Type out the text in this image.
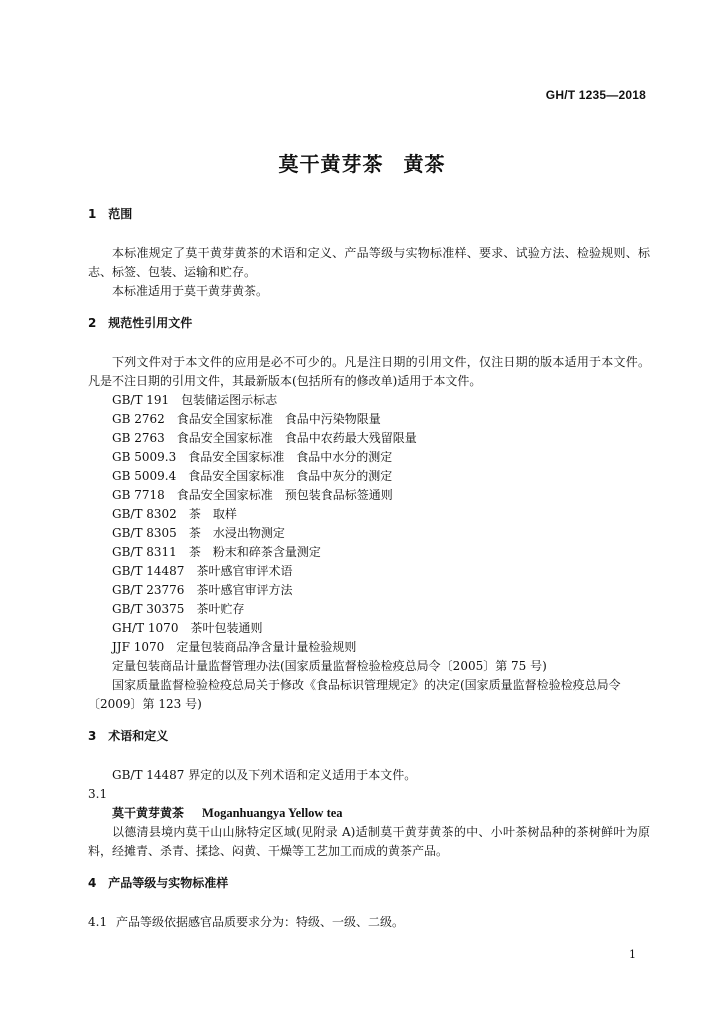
GH/T 1235—2018
莫干黄芽茶 黄茶
1 范围

本标准规定了莫干黄芽黄茶的术语和定义、产品等级与实物标准样、要求、试验方法、检验规则、标志、标签、包装、运输和贮存。

本标准适用于莫干黄芽黄茶。

2 规范性引用文件

下列文件对于本文件的应用是必不可少的。凡是注日期的引用文件，仅注日期的版本适用于本文件。凡是不注日期的引用文件，其最新版本(包括所有的修改单)适用于本文件。

GB/T 191 包装储运图示标志
GB 2762 食品安全国家标准　食品中污染物限量
GB 2763 食品安全国家标准　食品中农药最大残留限量
GB 5009.3 食品安全国家标准　食品中水分的测定
GB 5009.4 食品安全国家标准　食品中灰分的测定
GB 7718 食品安全国家标准　预包装食品标签通则
GB/T 8302 茶　取样
GB/T 8305 茶　水浸出物测定
GB/T 8311 茶　粉末和碎茶含量测定
GB/T 14487 茶叶感官审评术语
GB/T 23776 茶叶感官审评方法
GB/T 30375 茶叶贮存
GH/T 1070 茶叶包装通则
JJF 1070 定量包装商品净含量计量检验规则
定量包装商品计量监督管理办法(国家质量监督检验检疫总局令〔2005〕第 75 号)

国家质量监督检验检疫总局关于修改《食品标识管理规定》的决定(国家质量监督检验检疫总局令〔2009〕第 123 号)

3 术语和定义

GB/T 14487 界定的以及下列术语和定义适用于本文件。

3.1
莫干黄芽黄茶 Moganhuangya Yellow tea

以德清县境内莫干山山脉特定区域(见附录 A)适制莫干黄芽黄茶的中、小叶茶树品种的茶树鲜叶为原料，经摊青、杀青、揉捻、闷黄、干燥等工艺加工而成的黄茶产品。

4 产品等级与实物标准样
4.1 产品等级依据感官品质要求分为：特级、一级、二级。
1
